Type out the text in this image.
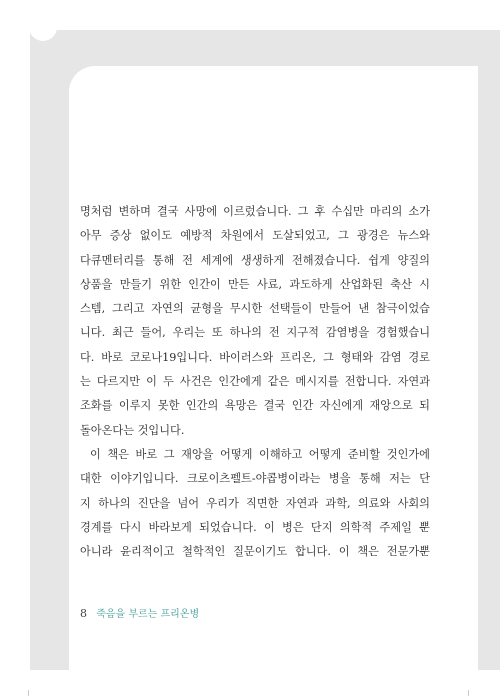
명처럼 변하며 결국 사망에 이르렀습니다. 그 후 수십만 마리의 소가
아무 증상 없이도 예방적 차원에서 도살되었고, 그 광경은 뉴스와
다큐멘터리를 통해 전 세계에 생생하게 전해졌습니다. 쉽게 양질의
상품을 만들기 위한 인간이 만든 사료, 과도하게 산업화된 축산 시
스템, 그리고 자연의 균형을 무시한 선택들이 만들어 낸 참극이었습
니다. 최근 들어, 우리는 또 하나의 전 지구적 감염병을 경험했습니
다. 바로 코로나19입니다. 바이러스와 프리온, 그 형태와 감염 경로
는 다르지만 이 두 사건은 인간에게 같은 메시지를 전합니다. 자연과
조화를 이루지 못한 인간의 욕망은 결국 인간 자신에게 재앙으로 되
돌아온다는 것입니다.
이 책은 바로 그 재앙을 어떻게 이해하고 어떻게 준비할 것인가에
대한 이야기입니다. 크로이츠펠트-야콥병이라는 병을 통해 저는 단
지 하나의 진단을 넘어 우리가 직면한 자연과 과학, 의료와 사회의
경계를 다시 바라보게 되었습니다. 이 병은 단지 의학적 주제일 뿐
아니라 윤리적이고 철학적인 질문이기도 합니다. 이 책은 전문가뿐
8 죽음을 부르는 프리온병
